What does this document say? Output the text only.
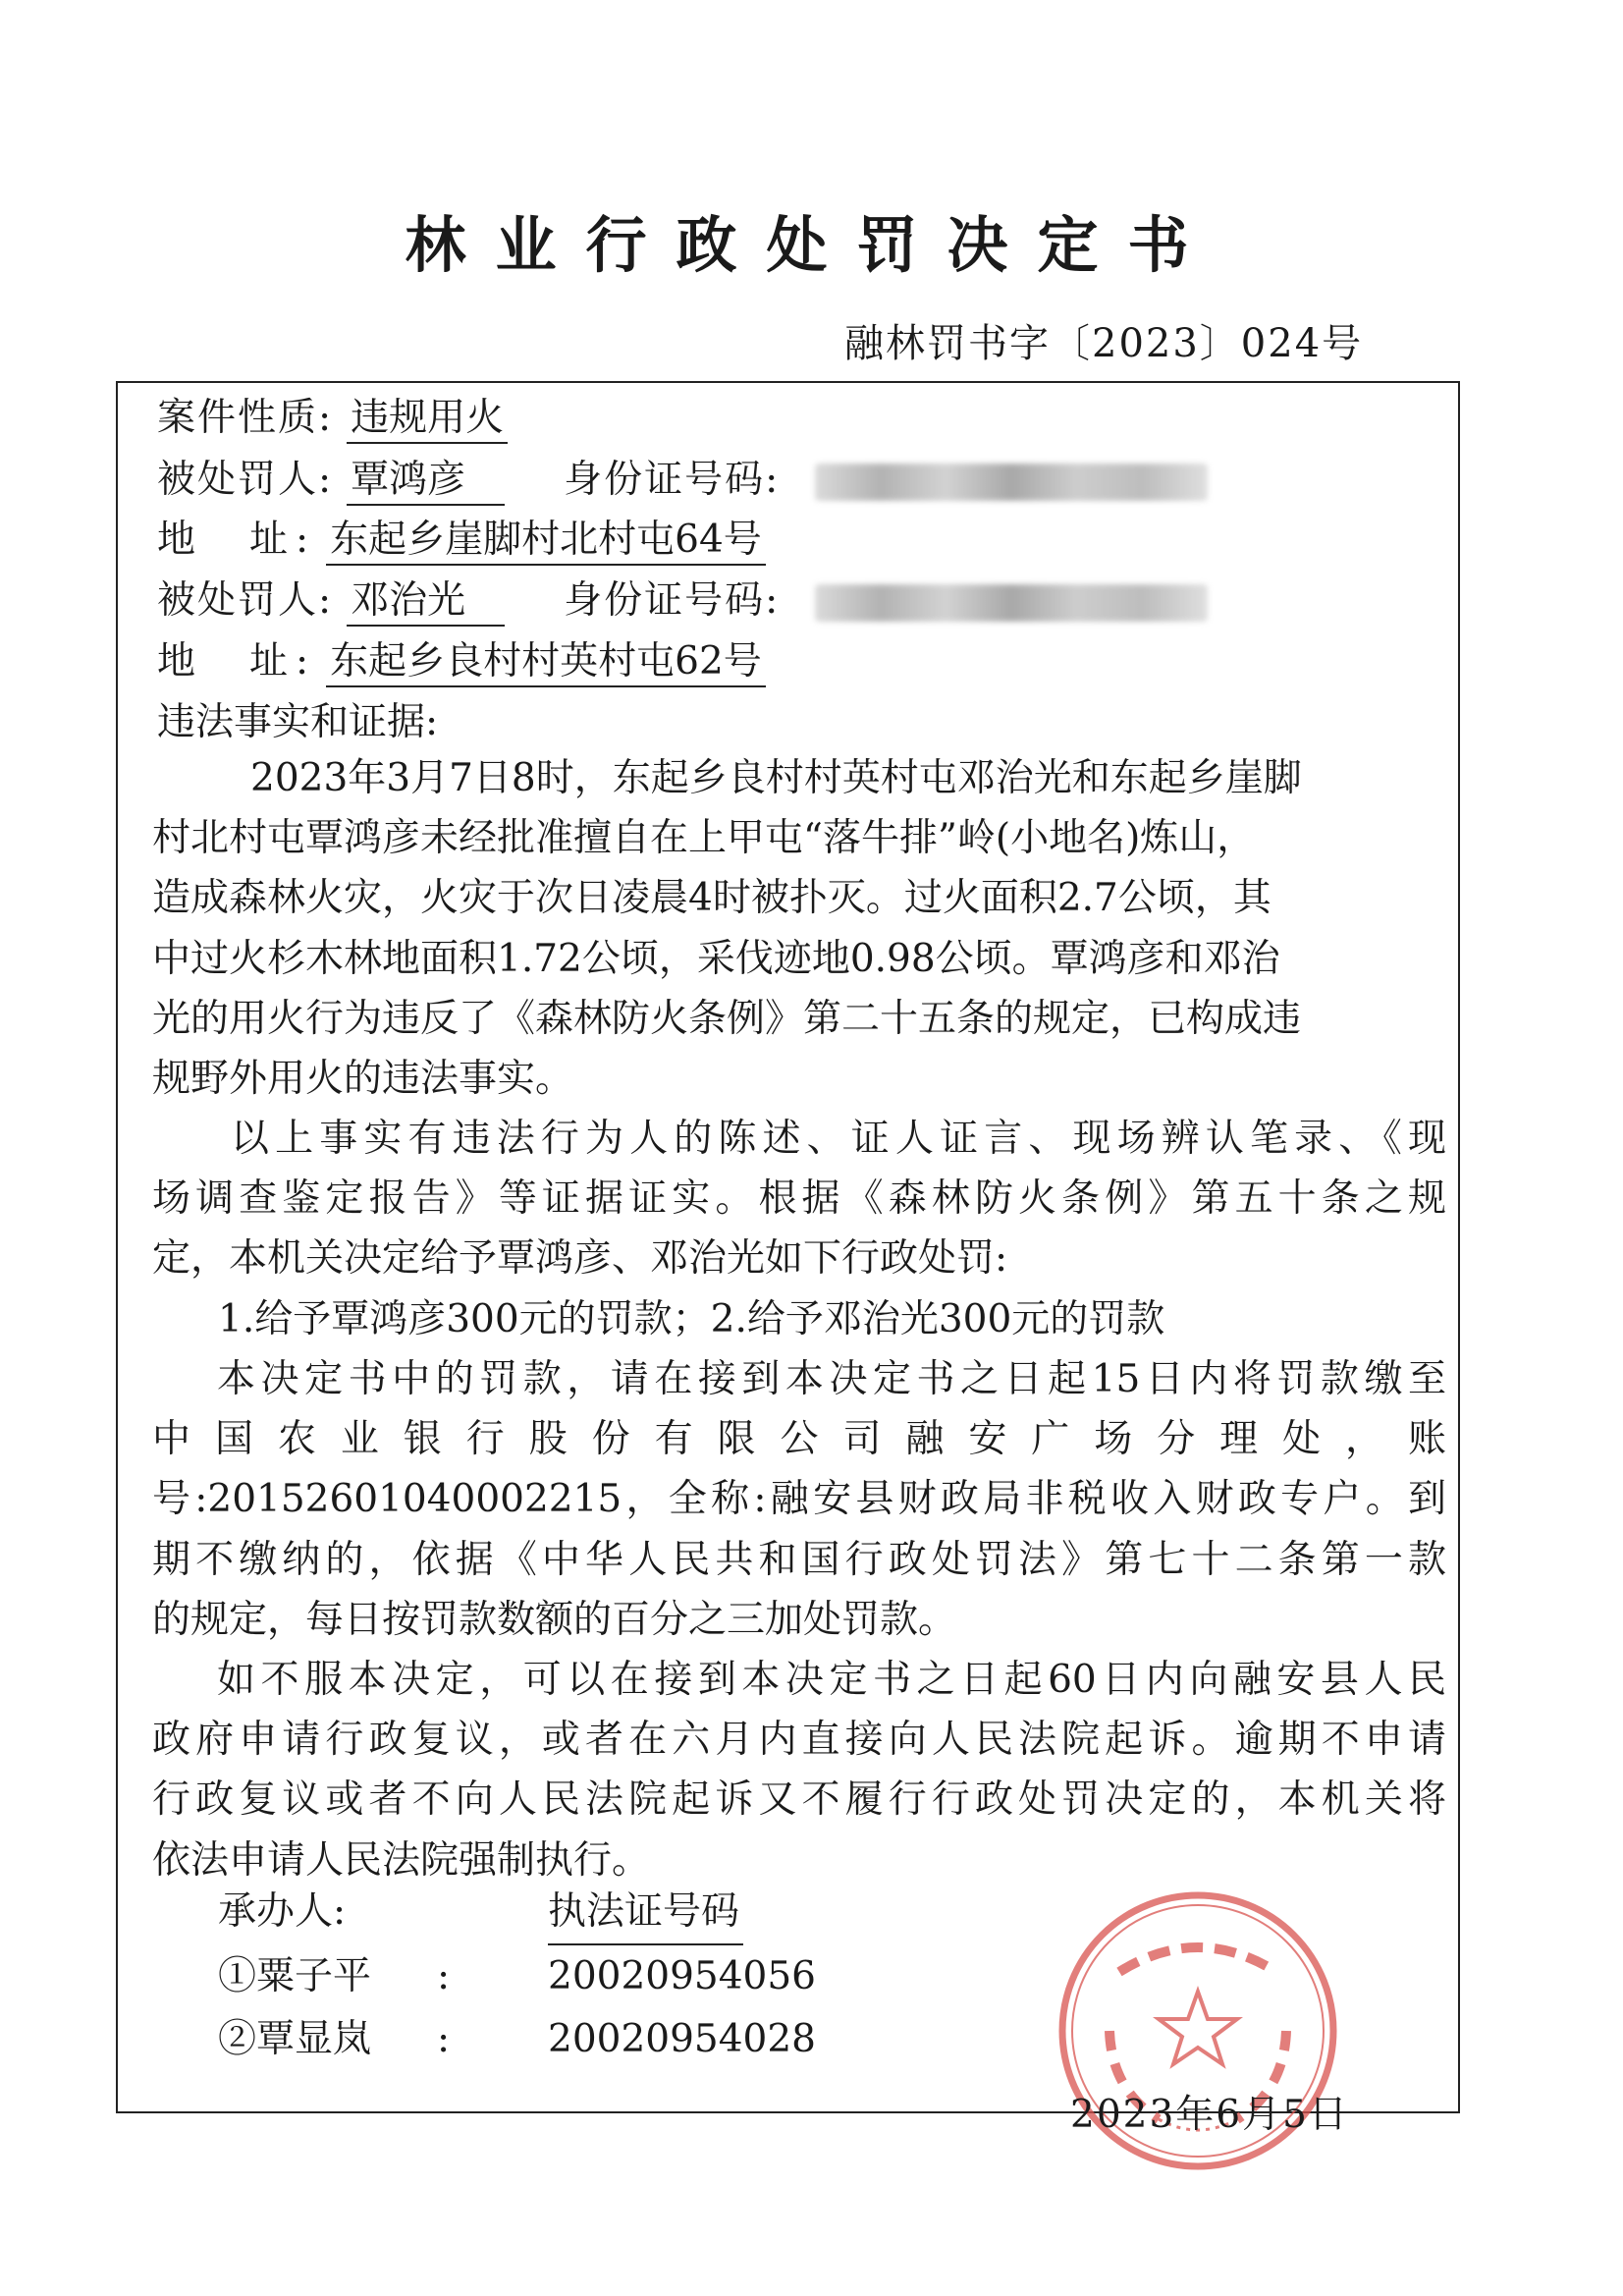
林业行政处罚决定书
融林罚书字〔2023〕024号
案件性质: 违规用火
被处罚人: 覃鸿彦	身份证号码:
地　址: 东起乡崖脚村北村屯64号
被处罚人: 邓治光	身份证号码:
地　址: 东起乡良村村英村屯62号
违法事实和证据:
2023年3月7日8时，东起乡良村村英村屯邓治光和东起乡崖脚
村北村屯覃鸿彦未经批准擅自在上甲屯“落牛排”岭(小地名)炼山，
造成森林火灾，火灾于次日凌晨4时被扑灭。过火面积2.7公顷，其
中过火杉木林地面积1.72公顷，采伐迹地0.98公顷。覃鸿彦和邓治
光的用火行为违反了《森林防火条例》第二十五条的规定，已构成违
规野外用火的违法事实。
以上事实有违法行为人的陈述、证人证言、现场辨认笔录、《现
场调查鉴定报告》等证据证实。根据《森林防火条例》第五十条之规
定，本机关决定给予覃鸿彦、邓治光如下行政处罚:
1.给予覃鸿彦300元的罚款；2.给予邓治光300元的罚款
本决定书中的罚款，请在接到本决定书之日起15日内将罚款缴至
中国农业银行股份有限公司融安广场分理处，账
号:20152601040002215，全称:融安县财政局非税收入财政专户。到
期不缴纳的，依据《中华人民共和国行政处罚法》第七十二条第一款
的规定，每日按罚款数额的百分之三加处罚款。
如不服本决定，可以在接到本决定书之日起60日内向融安县人民
政府申请行政复议，或者在六月内直接向人民法院起诉。逾期不申请
行政复议或者不向人民法院起诉又不履行行政处罚决定的，本机关将
依法申请人民法院强制执行。
承办人:	执法证号码
①粟子平 :	20020954056
②覃显岚 :	20020954028
2023年6月5日
